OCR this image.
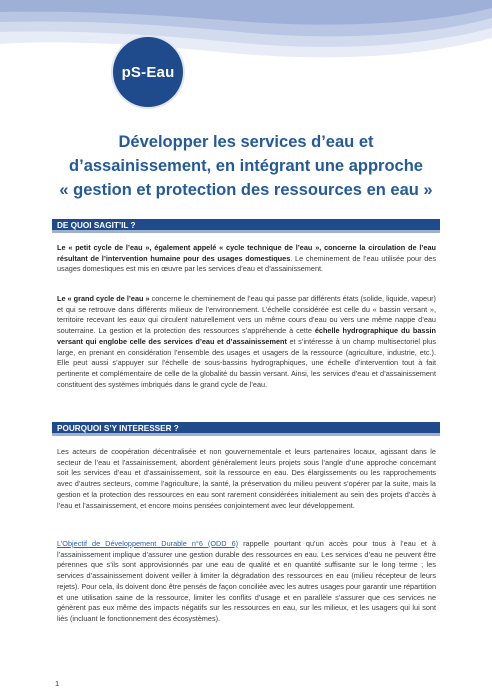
pS-Eau
Développer les services d’eau et
d’assainissement, en intégrant une approche
« gestion et protection des ressources en eau »
DE QUOI SAGIT’IL ?
Le « petit cycle de l’eau », également appelé « cycle technique de l’eau », concerne la circulation de l’eau résultant de l’intervention humaine pour des usages domestiques. Le cheminement de l’eau utilisée pour des usages domestiques est mis en œuvre par les services d’eau et d’assainissement.
Le « grand cycle de l’eau » concerne le cheminement de l’eau qui passe par différents états (solide, liquide, vapeur) et qui se retrouve dans différents milieux de l’environnement. L’échelle considérée est celle du « bassin versant », territoire recevant les eaux qui circulent naturellement vers un même cours d’eau ou vers une même nappe d’eau souterraine. La gestion et la protection des ressources s’appréhende à cette échelle hydrographique du bassin versant qui englobe celle des services d’eau et d’assainissement et s’intéresse à un champ multisectoriel plus large, en prenant en considération l’ensemble des usages et usagers de la ressource (agriculture, industrie, etc.). Elle peut aussi s’appuyer sur l’échelle de sous-bassins hydrographiques, une échelle d’intervention tout à fait pertinente et complémentaire de celle de la globalité du bassin versant. Ainsi, les services d’eau et d’assainissement constituent des systèmes imbriqués dans le grand cycle de l’eau.
POURQUOI S’Y INTERESSER ?
Les acteurs de coopération décentralisée et non gouvernementale et leurs partenaires locaux, agissant dans le secteur de l’eau et l’assainissement, abordent généralement leurs projets sous l’angle d’une approche concernant soit les services d’eau et d’assainissement, soit la ressource en eau. Des élargissements ou les rapprochements avec d’autres secteurs, comme l’agriculture, la santé, la préservation du milieu peuvent s’opérer par la suite, mais la gestion et la protection des ressources en eau sont rarement considérées initialement au sein des projets d’accès à l’eau et l’assainissement, et encore moins pensées conjointement avec leur développement.
L’Objectif de Développement Durable n°6 (ODD 6) rappelle pourtant qu’un accès pour tous à l’eau et à l’assainissement implique d’assurer une gestion durable des ressources en eau. Les services d’eau ne peuvent être pérennes que s’ils sont approvisionnés par une eau de qualité et en quantité suffisante sur le long terme ; les services d’assainissement doivent veiller à limiter la dégradation des ressources en eau (milieu récepteur de leurs rejets). Pour cela, ils doivent donc être pensés de façon conciliée avec les autres usages pour garantir une répartition et une utilisation saine de la ressource, limiter les conflits d’usage et en parallèle s’assurer que ces services ne génèrent pas eux même des impacts négatifs sur les ressources en eau, sur les milieux, et les usagers qui lui sont liés (incluant le fonctionnement des écosystèmes).
1
